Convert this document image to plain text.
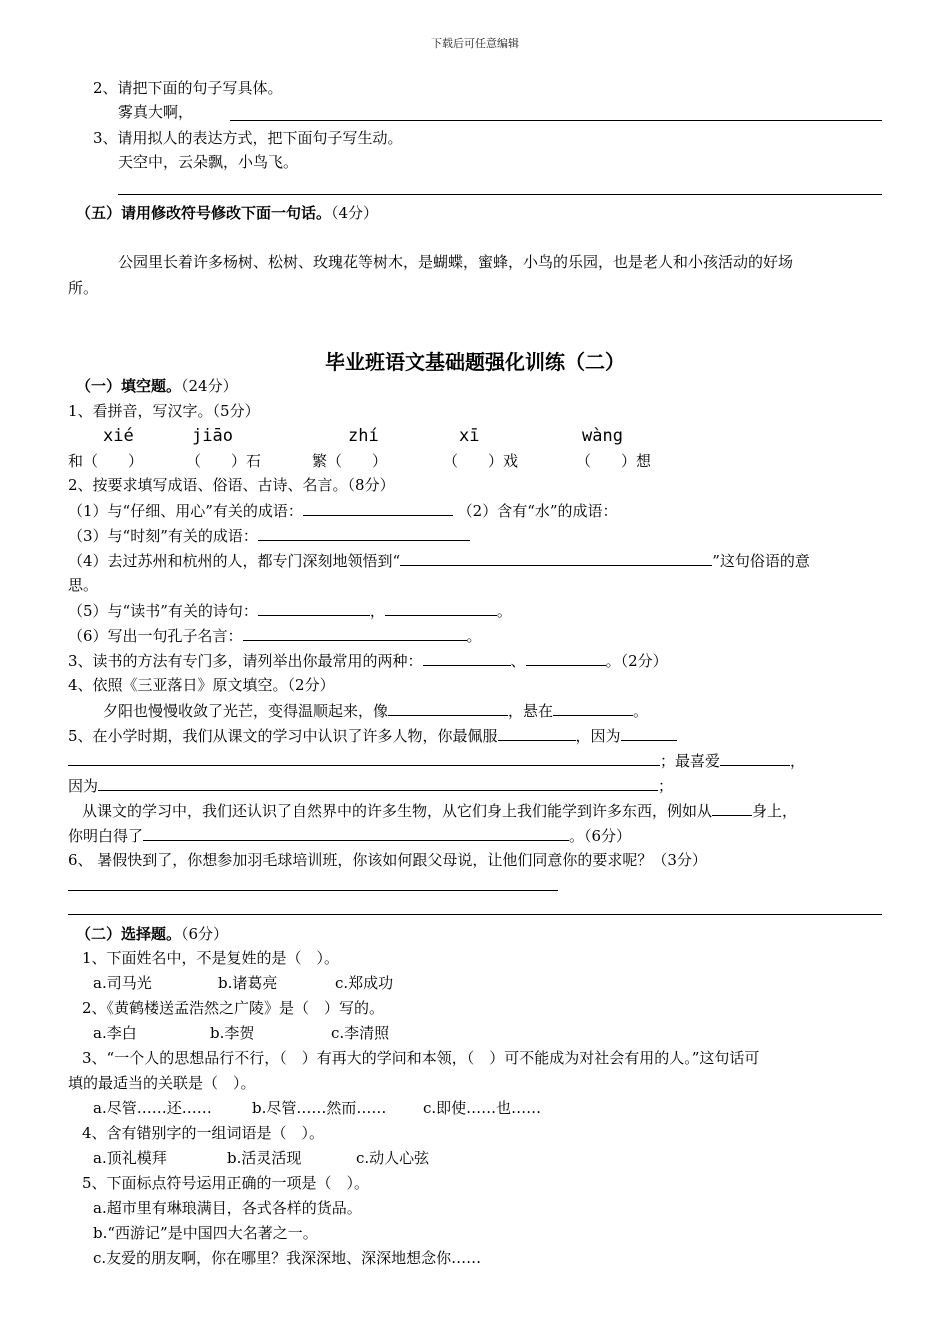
下载后可任意编辑
2、请把下面的句子写具体。
雾真大啊，
3、请用拟人的表达方式，把下面句子写生动。
天空中，云朵飘，小鸟飞。
（五）请用修改符号修改下面一句话。（4分）
公园里长着许多杨树、松树、玫瑰花等树木，是蝴蝶，蜜蜂，小鸟的乐园，也是老人和小孩活动的好场
所。
毕业班语文基础题强化训练（二）
（一）填空题。（24分）
1、看拼音，写汉字。（5分）
xié	jiāo	zhí	xī	wàng
和（　　）	（　　）石	繁（　　）	（　　）戏	（　　）想
2、按要求填写成语、俗语、古诗、名言。（8分）
（1）与“仔细、用心”有关的成语：	（2）含有“水”的成语：
（3）与“时刻”有关的成语：
（4）去过苏州和杭州的人，都专门深刻地领悟到“	”这句俗语的意
思。
（5）与“读书”有关的诗句：	，	。
（6）写出一句孔子名言：	。
3、读书的方法有专门多，请列举出你最常用的两种：	、	。（2分）
4、依照《三亚落日》原文填空。（2分）
夕阳也慢慢收敛了光芒，变得温顺起来，像	，悬在	。
5、在小学时期，我们从课文的学习中认识了许多人物，你最佩服	，因为
；最喜爱	，
因为	；
从课文的学习中，我们还认识了自然界中的许多生物，从它们身上我们能学到许多东西，例如从	身上，
你明白得了	。（6分）
6、 暑假快到了，你想参加羽毛球培训班，你该如何跟父母说，让他们同意你的要求呢？（3分）
（二）选择题。（6分）
1、下面姓名中，不是复姓的是（　）。
a.司马光	b.诸葛亮	c.郑成功
2、《黄鹤楼送孟浩然之广陵》是（　）写的。
a.李白	b.李贺	c.李清照
3、“一个人的思想品行不行，（　）有再大的学问和本领，（　）可不能成为对社会有用的人。”这句话可
填的最适当的关联是（　）。
a.尽管……还……	b.尽管……然而…… c.即使……也……
4、含有错别字的一组词语是（　）。
a.顶礼模拜	b.活灵活现	c.动人心弦
5、下面标点符号运用正确的一项是（　）。
a.超市里有琳琅满目，各式各样的货品。
b.“西游记”是中国四大名著之一。
c.友爱的朋友啊，你在哪里？我深深地、深深地想念你……
